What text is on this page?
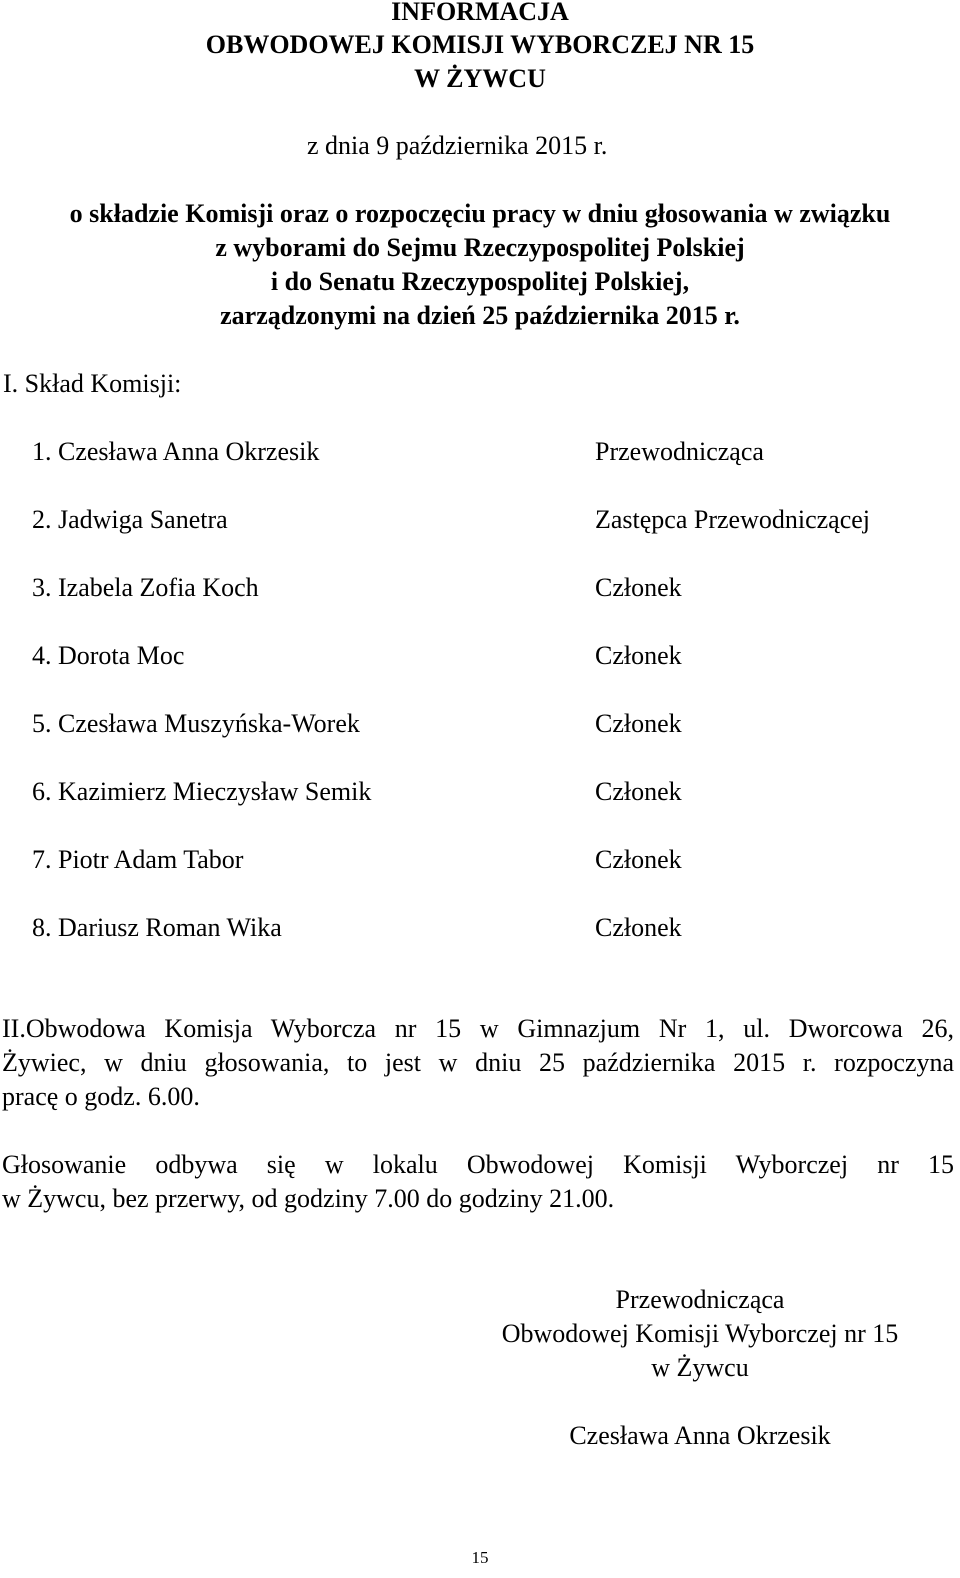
INFORMACJA
OBWODOWEJ KOMISJI WYBORCZEJ NR 15
W ŻYWCU
z dnia 9 października 2015 r.
o składzie Komisji oraz o rozpoczęciu pracy w dniu głosowania w związku
z wyborami do Sejmu Rzeczypospolitej Polskiej
i do Senatu Rzeczypospolitej Polskiej,
zarządzonymi na dzień 25 października 2015 r.
I. Skład Komisji:
1. Czesława Anna Okrzesik	Przewodnicząca
2. Jadwiga Sanetra	Zastępca Przewodniczącej
3. Izabela Zofia Koch	Członek
4. Dorota Moc	Członek
5. Czesława Muszyńska-Worek	Członek
6. Kazimierz Mieczysław Semik	Członek
7. Piotr Adam Tabor	Członek
8. Dariusz Roman Wika	Członek
II.Obwodowa Komisja Wyborcza nr 15 w Gimnazjum Nr 1, ul. Dworcowa 26,
Żywiec, w dniu głosowania, to jest w dniu 25 października 2015 r. rozpoczyna
pracę o godz. 6.00.
Głosowanie odbywa się w lokalu Obwodowej Komisji Wyborczej nr 15
w Żywcu, bez przerwy, od godziny 7.00 do godziny 21.00.
Przewodnicząca
Obwodowej Komisji Wyborczej nr 15
w Żywcu
Czesława Anna Okrzesik
15
